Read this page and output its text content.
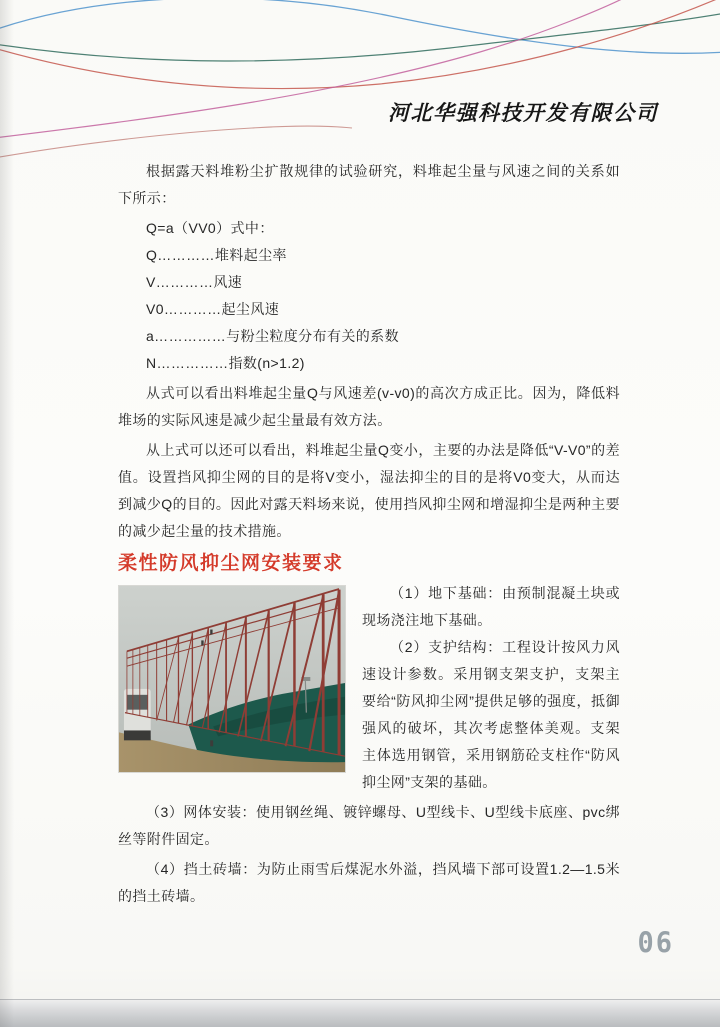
河北华强科技开发有限公司

根据露天料堆粉尘扩散规律的试验研究，料堆起尘量与风速之间的关系如下所示：

Q=a（VV0）式中：

Q…………堆料起尘率

V…………风速

V0…………起尘风速

a……………与粉尘粒度分布有关的系数

N……………指数(n>1.2)

从式可以看出料堆起尘量Q与风速差(v-v0)的高次方成正比。因为，降低料堆场的实际风速是减少起尘量最有效方法。

从上式可以还可以看出，料堆起尘量Q变小，主要的办法是降低“V-V0”的差值。设置挡风抑尘网的目的是将V变小，湿法抑尘的目的是将V0变大，从而达到减少Q的目的。因此对露天料场来说，使用挡风抑尘网和增湿抑尘是两种主要的减少起尘量的技术措施。

柔性防风抑尘网安装要求

（1）地下基础：由预制混凝土块或现场浇注地下基础。

（2）支护结构：工程设计按风力风速设计参数。采用钢支架支护，支架主要给“防风抑尘网”提供足够的强度，抵御强风的破坏，其次考虑整体美观。支架主体选用钢管，采用钢筋砼支柱作“防风抑尘网”支架的基础。

（3）网体安装：使用钢丝绳、镀锌螺母、U型线卡、U型线卡底座、pvc绑丝等附件固定。

（4）挡土砖墙：为防止雨雪后煤泥水外溢，挡风墙下部可设置1.2—1.5米的挡土砖墙。

06
